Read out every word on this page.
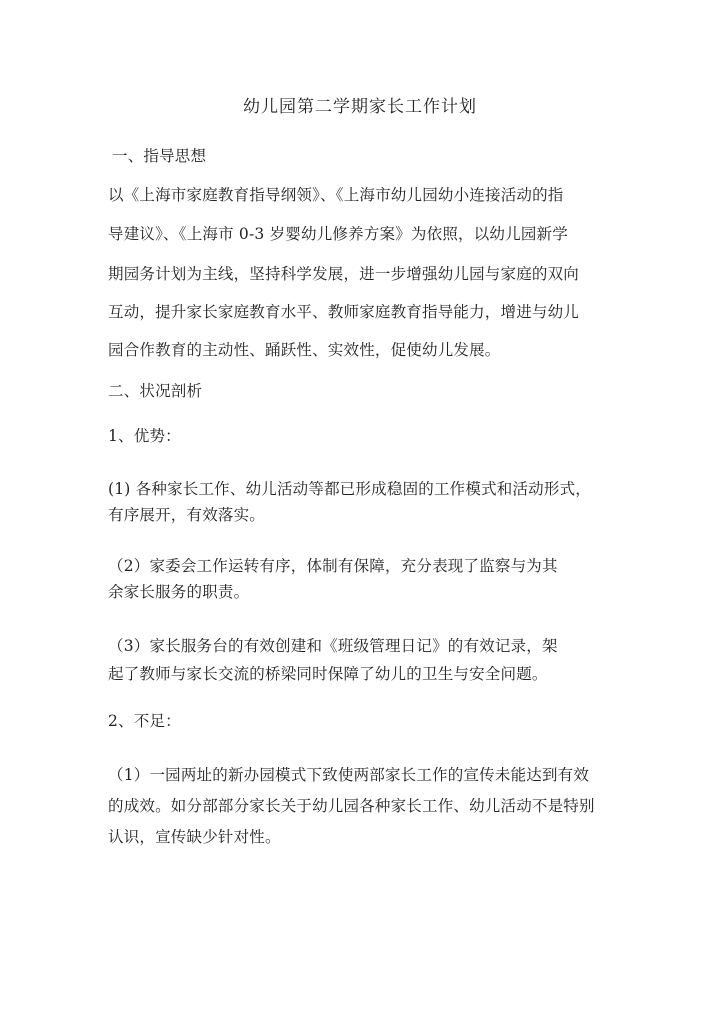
幼儿园第二学期家长工作计划
一、指导思想
以《上海市家庭教育指导纲领》、《上海市幼儿园幼小连接活动的指
导建议》、《上海市 0-3 岁婴幼儿修养方案》为依照，以幼儿园新学
期园务计划为主线，坚持科学发展，进一步增强幼儿园与家庭的双向
互动，提升家长家庭教育水平、教师家庭教育指导能力，增进与幼儿
园合作教育的主动性、踊跃性、实效性，促使幼儿发展。
二、状况剖析
1、优势：
(1) 各种家长工作、幼儿活动等都已形成稳固的工作模式和活动形式，
有序展开，有效落实。
（2）家委会工作运转有序，体制有保障，充分表现了监察与为其
余家长服务的职责。
（3）家长服务台的有效创建和《班级管理日记》的有效记录，架
起了教师与家长交流的桥梁同时保障了幼儿的卫生与安全问题。
2、不足：
（1）一园两址的新办园模式下致使两部家长工作的宣传未能达到有效
的成效。如分部部分家长关于幼儿园各种家长工作、幼儿活动不是特别
认识，宣传缺少针对性。
